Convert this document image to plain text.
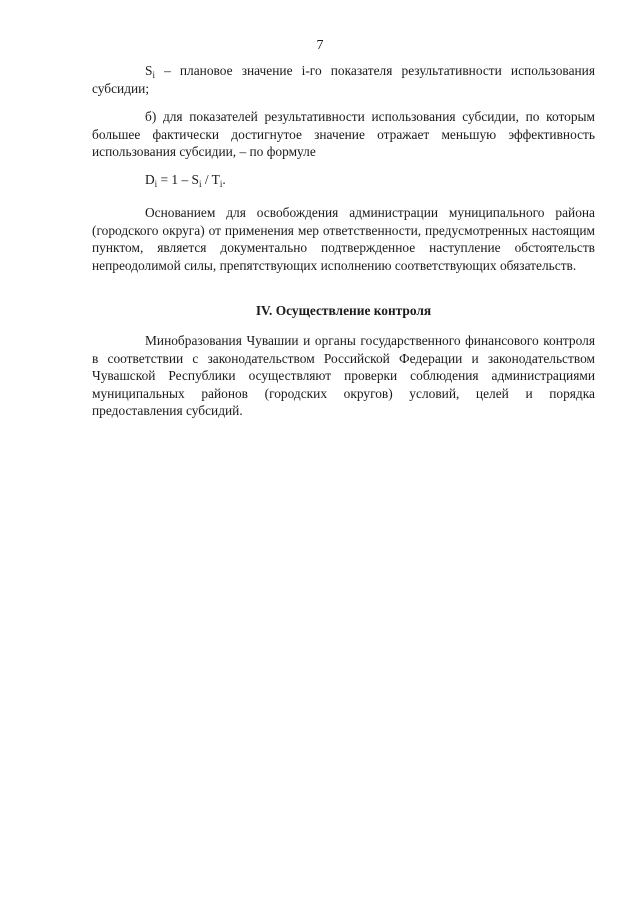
7

$S_i$ – плановое значение i-го показателя результативности использования субсидии;

б) для показателей результативности использования субсидии, по которым большее фактически достигнутое значение отражает меньшую эффективность использования субсидии, – по формуле

$D_i = 1 - S_i / T_i$.

Основанием для освобождения администрации муниципального района (городского округа) от применения мер ответственности, предусмотренных настоящим пунктом, является документально подтвержденное наступление обстоятельств непреодолимой силы, препятствующих исполнению соответствующих обязательств.

IV. Осуществление контроля

Минобразования Чувашии и органы государственного финансового контроля в соответствии с законодательством Российской Федерации и законодательством Чувашской Республики осуществляют проверки соблюдения администрациями муниципальных районов (городских округов) условий, целей и порядка предоставления субсидий.
